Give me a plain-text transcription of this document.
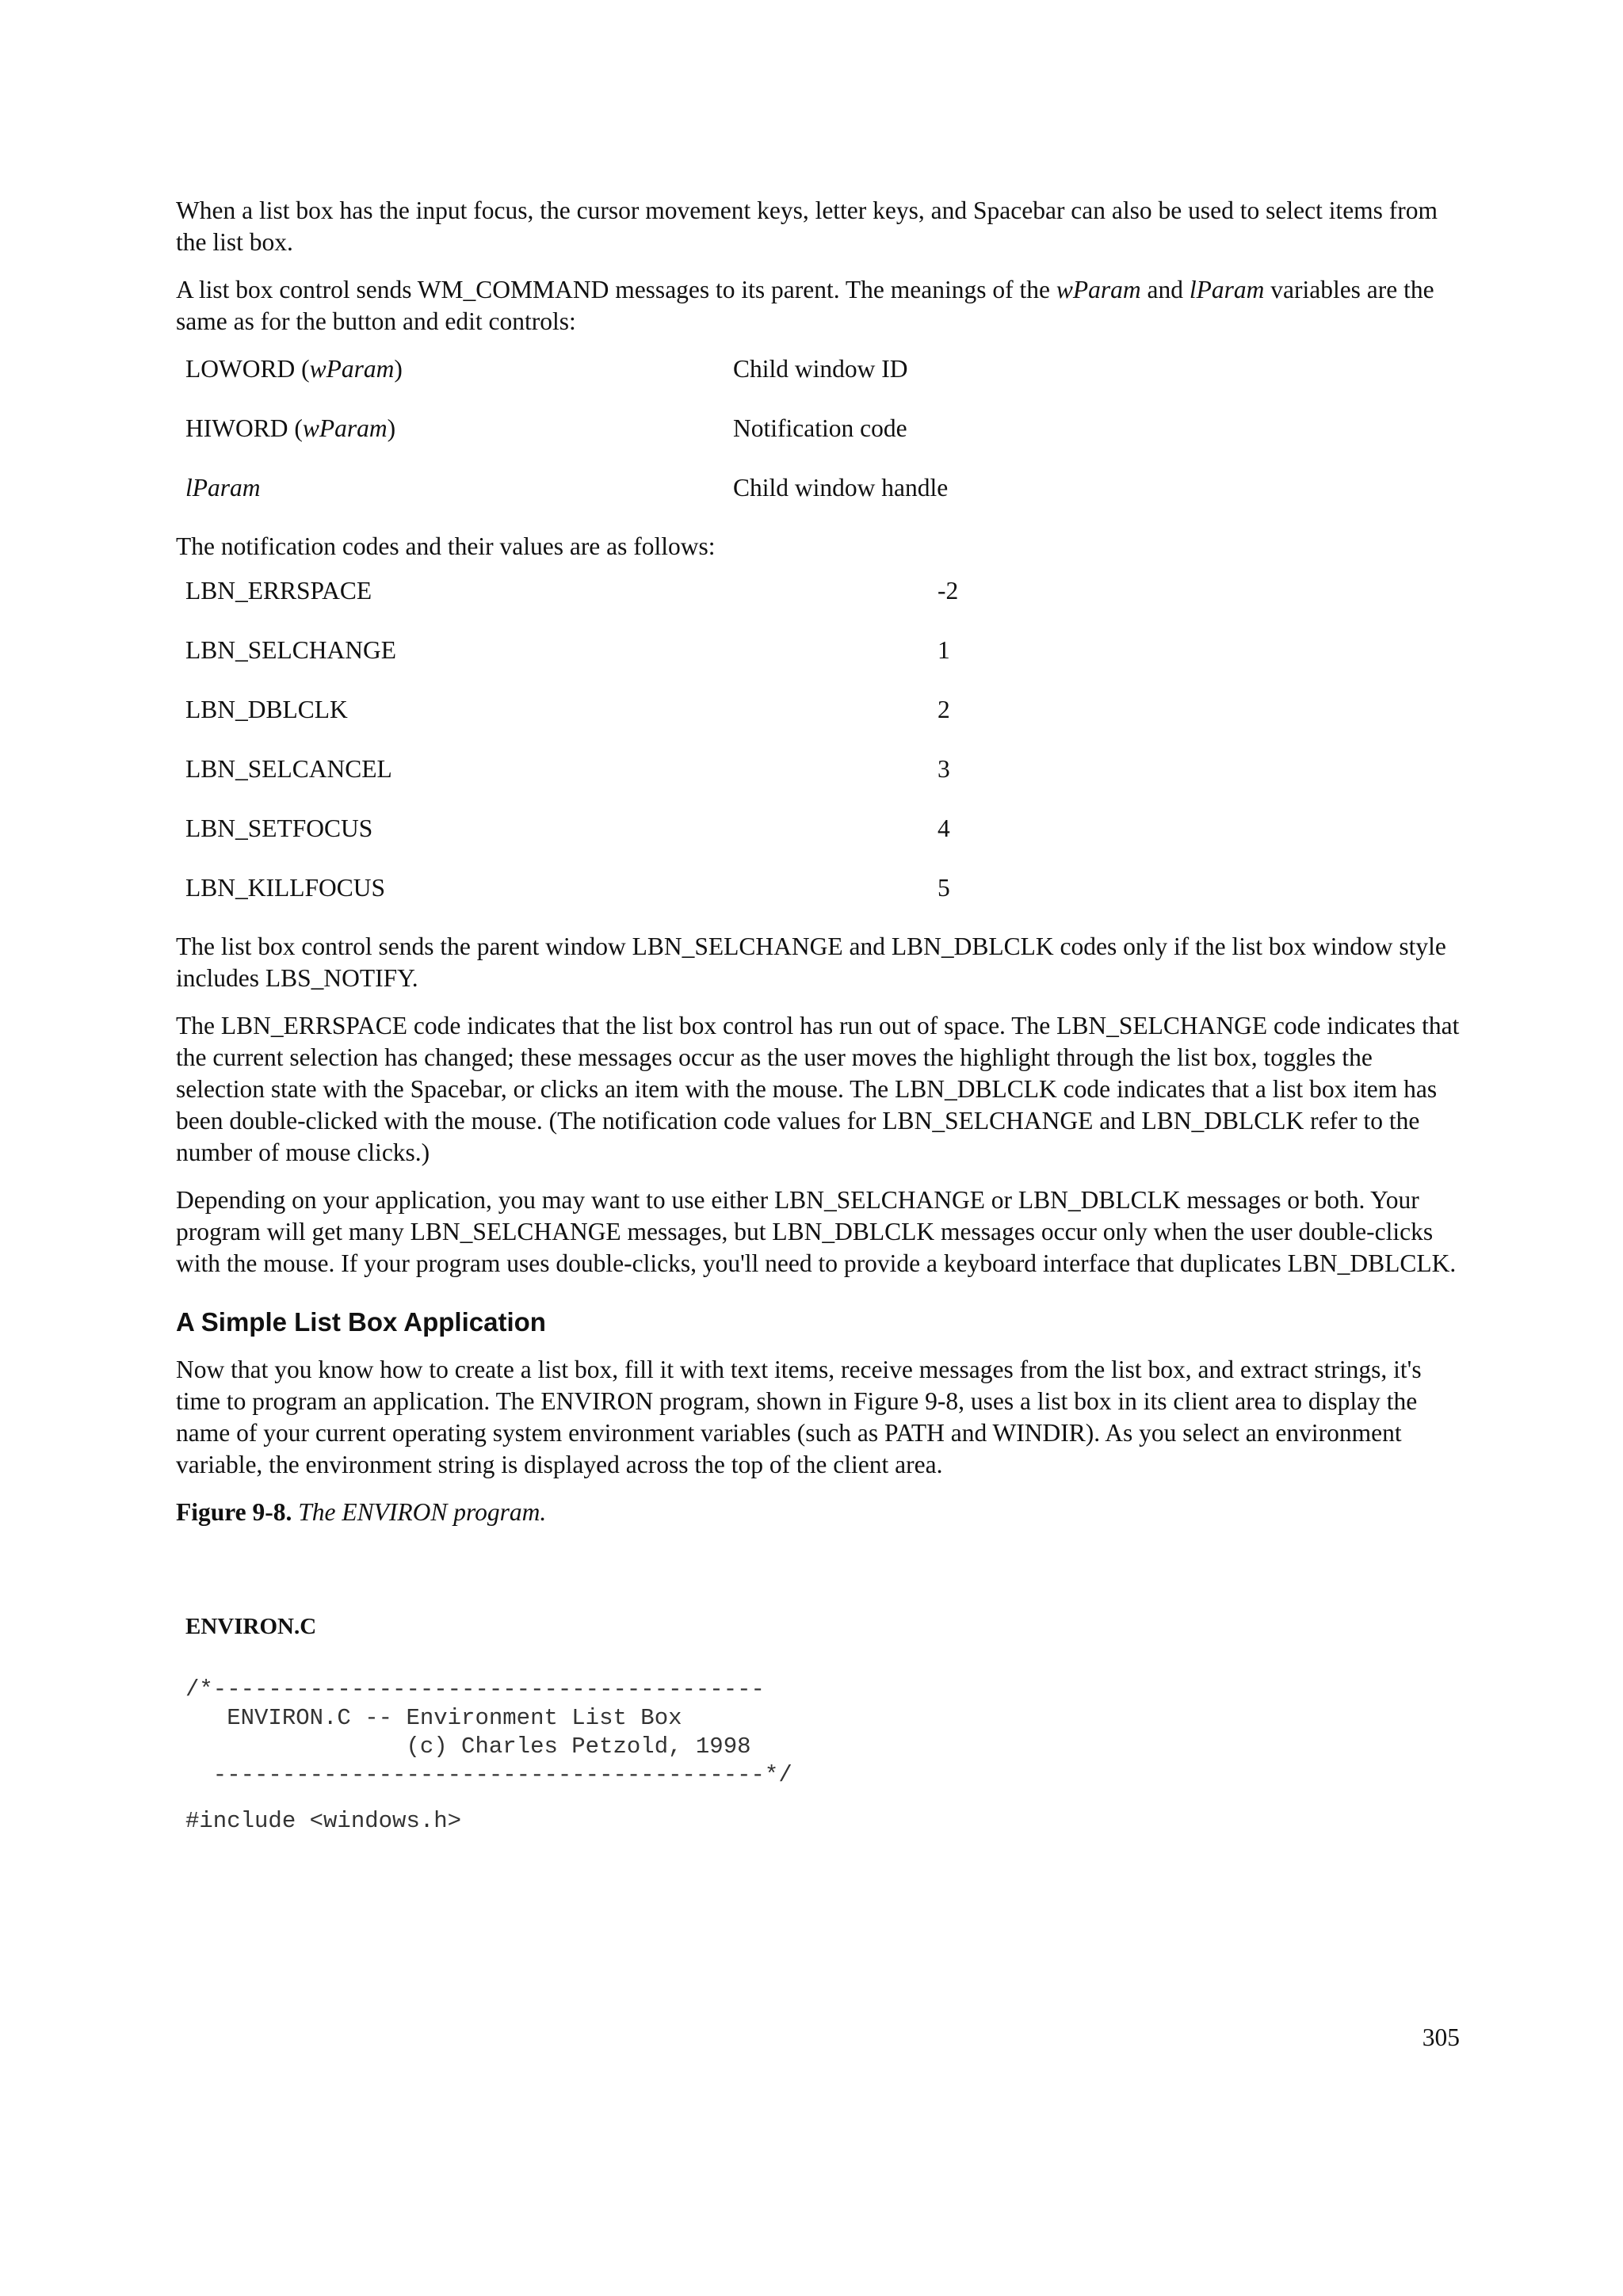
When a list box has the input focus, the cursor movement keys, letter keys, and Spacebar can also be used to select items from the list box.

A list box control sends WM_COMMAND messages to its parent. The meanings of the wParam and lParam variables are the same as for the button and edit controls:

LOWORD (wParam)	Child window ID
HIWORD (wParam)	Notification code
lParam	Child window handle
The notification codes and their values are as follows:
LBN_ERRSPACE	-2
LBN_SELCHANGE	1
LBN_DBLCLK	2
LBN_SELCANCEL	3
LBN_SETFOCUS	4
LBN_KILLFOCUS	5

The list box control sends the parent window LBN_SELCHANGE and LBN_DBLCLK codes only if the list box window style includes LBS_NOTIFY.

The LBN_ERRSPACE code indicates that the list box control has run out of space. The LBN_SELCHANGE code indicates that the current selection has changed; these messages occur as the user moves the highlight through the list box, toggles the selection state with the Spacebar, or clicks an item with the mouse. The LBN_DBLCLK code indicates that a list box item has been double-clicked with the mouse. (The notification code values for LBN_SELCHANGE and LBN_DBLCLK refer to the number of mouse clicks.)

Depending on your application, you may want to use either LBN_SELCHANGE or LBN_DBLCLK messages or both. Your program will get many LBN_SELCHANGE messages, but LBN_DBLCLK messages occur only when the user double-clicks with the mouse. If your program uses double-clicks, you'll need to provide a keyboard interface that duplicates LBN_DBLCLK.

A Simple List Box Application

Now that you know how to create a list box, fill it with text items, receive messages from the list box, and extract strings, it's time to program an application. The ENVIRON program, shown in Figure 9-8, uses a list box in its client area to display the name of your current operating system environment variables (such as PATH and WINDIR). As you select an environment variable, the environment string is displayed across the top of the client area.

Figure 9-8. The ENVIRON program.
ENVIRON.C
/*----------------------------------------
ENVIRON.C -- Environment List Box
(c) Charles Petzold, 1998
----------------------------------------*/
#include <windows.h>
305
